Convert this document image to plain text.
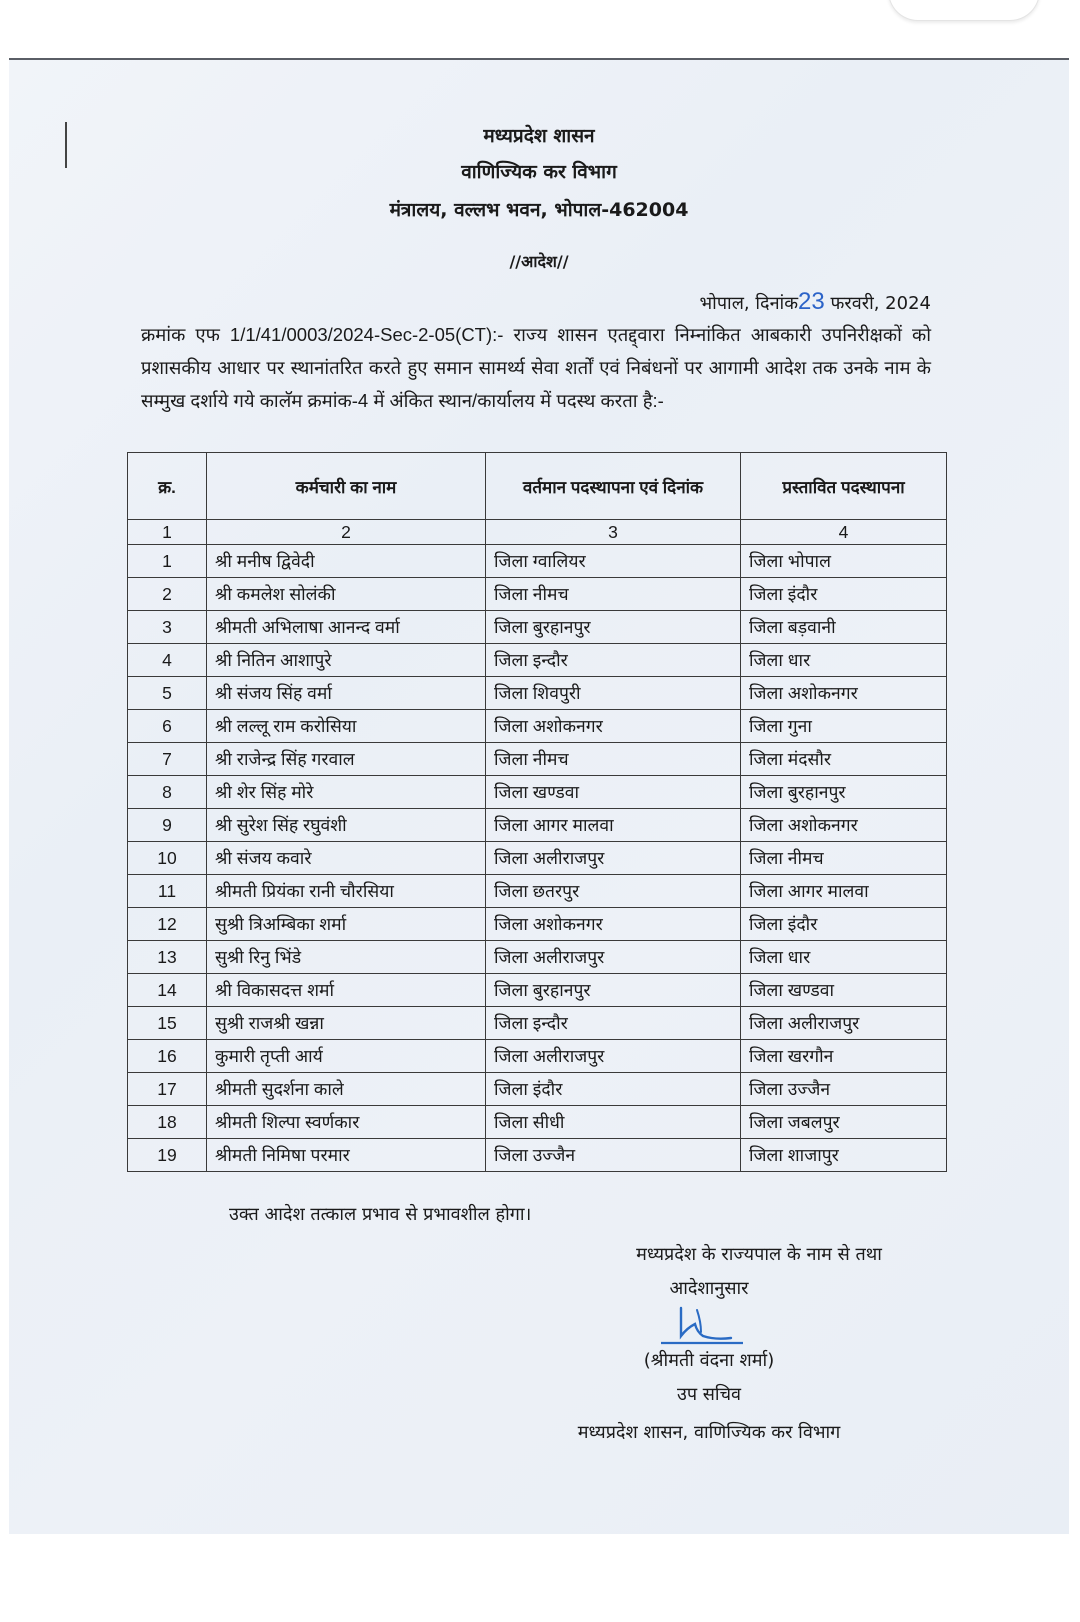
मध्यप्रदेश शासन
वाणिज्यिक कर विभाग
मंत्रालय, वल्लभ भवन, भोपाल-462004
//आदेश//
भोपाल, दिनांक23 फरवरी, 2024
क्रमांक एफ 1/1/41/0003/2024-Sec-2-05(CT):- राज्य शासन एतद्द्वारा निम्नांकित आबकारी उपनिरीक्षकों को प्रशासकीय आधार पर स्थानांतरित करते हुए समान सामर्थ्य सेवा शर्तों एवं निबंधनों पर आगामी आदेश तक उनके नाम के सम्मुख दर्शाये गये कालॅम क्रमांक-4 में अंकित स्थान/कार्यालय में पदस्थ करता है:-
क्र.	कर्मचारी का नाम	वर्तमान पदस्थापना एवं दिनांक	प्रस्तावित पदस्थापना
1	2	3	4
1	श्री मनीष द्विवेदी	जिला ग्वालियर	जिला भोपाल
2	श्री कमलेश सोलंकी	जिला नीमच	जिला इंदौर
3	श्रीमती अभिलाषा आनन्द वर्मा	जिला बुरहानपुर	जिला बड़वानी
4	श्री नितिन आशापुरे	जिला इन्दौर	जिला धार
5	श्री संजय सिंह वर्मा	जिला शिवपुरी	जिला अशोकनगर
6	श्री लल्लू राम करोसिया	जिला अशोकनगर	जिला गुना
7	श्री राजेन्द्र सिंह गरवाल	जिला नीमच	जिला मंदसौर
8	श्री शेर सिंह मोरे	जिला खण्डवा	जिला बुरहानपुर
9	श्री सुरेश सिंह रघुवंशी	जिला आगर मालवा	जिला अशोकनगर
10	श्री संजय कवारे	जिला अलीराजपुर	जिला नीमच
11	श्रीमती प्रियंका रानी चौरसिया	जिला छतरपुर	जिला आगर मालवा
12	सुश्री त्रिअम्बिका शर्मा	जिला अशोकनगर	जिला इंदौर
13	सुश्री रिनु भिंडे	जिला अलीराजपुर	जिला धार
14	श्री विकासदत्त शर्मा	जिला बुरहानपुर	जिला खण्डवा
15	सुश्री राजश्री खन्ना	जिला इन्दौर	जिला अलीराजपुर
16	कुमारी तृप्ती आर्य	जिला अलीराजपुर	जिला खरगौन
17	श्रीमती सुदर्शना काले	जिला इंदौर	जिला उज्जैन
18	श्रीमती शिल्पा स्वर्णकार	जिला सीधी	जिला जबलपुर
19	श्रीमती निमिषा परमार	जिला उज्जैन	जिला शाजापुर
उक्त आदेश तत्काल प्रभाव से प्रभावशील होगा।
मध्यप्रदेश के राज्यपाल के नाम से तथा
आदेशानुसार
(श्रीमती वंदना शर्मा)
उप सचिव
मध्यप्रदेश शासन, वाणिज्यिक कर विभाग
